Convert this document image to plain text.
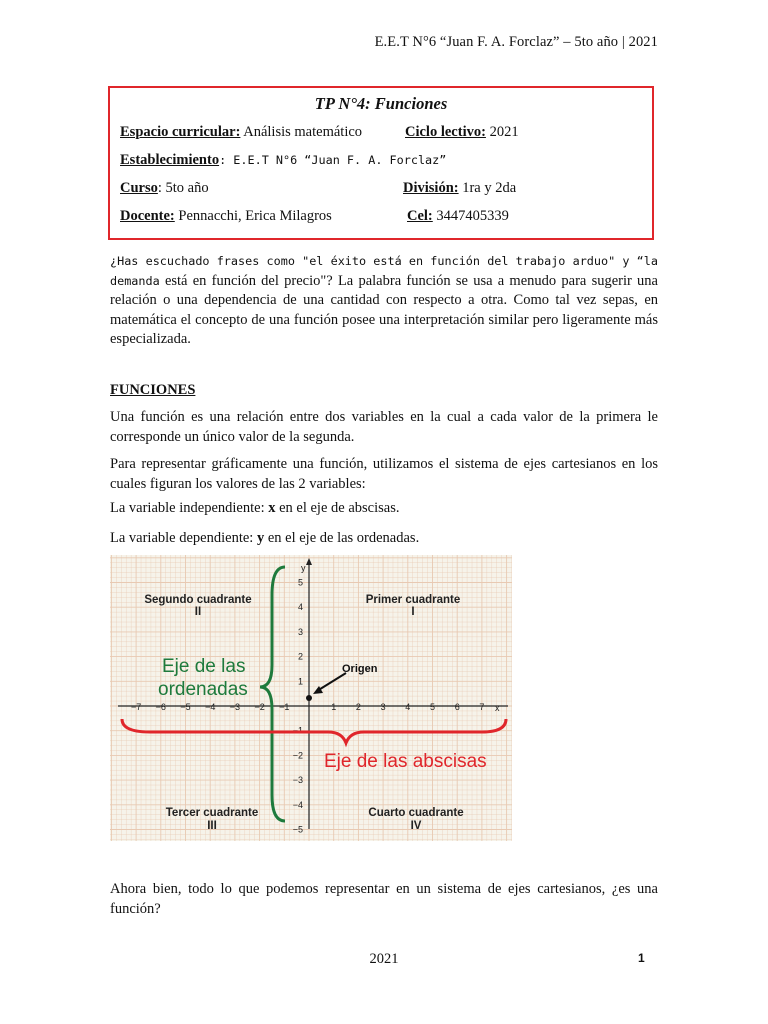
E.E.T N°6 “Juan F. A. Forclaz” – 5to año | 2021
TP N°4: Funciones
Espacio curricular: Análisis matemático	Ciclo lectivo: 2021
Establecimiento: E.E.T N°6 “Juan F. A. Forclaz”
Curso: 5to año	División: 1ra y 2da
Docente: Pennacchi, Erica Milagros	Cel: 3447405339

¿Has escuchado frases como "el éxito está en función del trabajo arduo" y “la demanda está en función del precio"? La palabra función se usa a menudo para sugerir una relación o una dependencia de una cantidad con respecto a otra. Como tal vez sepas, en matemática el concepto de una función posee una interpretación similar pero ligeramente más especializada.

FUNCIONES

Una función es una relación entre dos variables en la cual a cada valor de la primera le corresponde un único valor de la segunda.

Para representar gráficamente una función, utilizamos el sistema de ejes cartesianos en los cuales figuran los valores de las 2 variables:

La variable independiente: x en el eje de abscisas.

La variable dependiente: y en el eje de las ordenadas.

y
x
−7 −6 −5 −4 −3 −2 −1	1 2 3 4 5 6 7
5
4
3
2
1
−1
−2
−3
−4
−5
Segundo cuadrante
II
Primer cuadrante
I
Tercer cuadrante
III
Cuarto cuadrante
IV
Eje de las
ordenadas
Eje de las abscisas
Origen

Ahora bien, todo lo que podemos representar en un sistema de ejes cartesianos, ¿es una función?

2021	1
